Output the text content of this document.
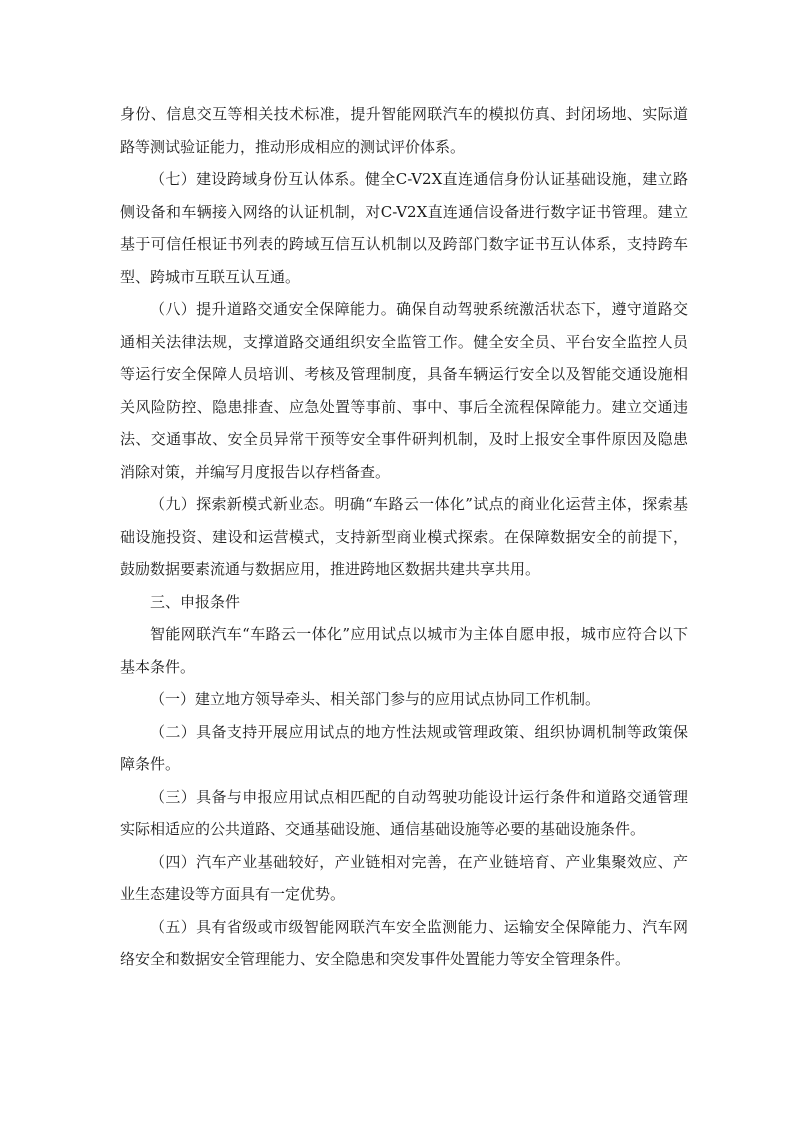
身份、信息交互等相关技术标准，提升智能网联汽车的模拟仿真、封闭场地、实际道路等测试验证能力，推动形成相应的测试评价体系。

（七）建设跨域身份互认体系。健全C-V2X直连通信身份认证基础设施，建立路侧设备和车辆接入网络的认证机制，对C-V2X直连通信设备进行数字证书管理。建立基于可信任根证书列表的跨域互信互认机制以及跨部门数字证书互认体系，支持跨车型、跨城市互联互认互通。

（八）提升道路交通安全保障能力。确保自动驾驶系统激活状态下，遵守道路交通相关法律法规，支撑道路交通组织安全监管工作。健全安全员、平台安全监控人员等运行安全保障人员培训、考核及管理制度，具备车辆运行安全以及智能交通设施相关风险防控、隐患排查、应急处置等事前、事中、事后全流程保障能力。建立交通违法、交通事故、安全员异常干预等安全事件研判机制，及时上报安全事件原因及隐患消除对策，并编写月度报告以存档备查。

（九）探索新模式新业态。明确“车路云一体化”试点的商业化运营主体，探索基础设施投资、建设和运营模式，支持新型商业模式探索。在保障数据安全的前提下，鼓励数据要素流通与数据应用，推进跨地区数据共建共享共用。

三、申报条件

智能网联汽车“车路云一体化”应用试点以城市为主体自愿申报，城市应符合以下基本条件。

（一）建立地方领导牵头、相关部门参与的应用试点协同工作机制。

（二）具备支持开展应用试点的地方性法规或管理政策、组织协调机制等政策保障条件。

（三）具备与申报应用试点相匹配的自动驾驶功能设计运行条件和道路交通管理实际相适应的公共道路、交通基础设施、通信基础设施等必要的基础设施条件。

（四）汽车产业基础较好，产业链相对完善，在产业链培育、产业集聚效应、产业生态建设等方面具有一定优势。

（五）具有省级或市级智能网联汽车安全监测能力、运输安全保障能力、汽车网络安全和数据安全管理能力、安全隐患和突发事件处置能力等安全管理条件。
